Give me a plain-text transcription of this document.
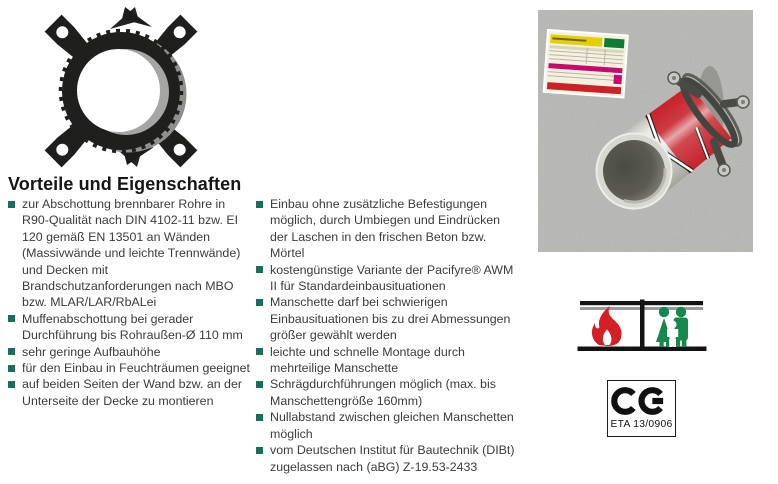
Vorteile und Eigenschaften
zur Abschottung brennbarer Rohre in R90-Qualität nach DIN 4102-11 bzw. EI 120 gemäß EN 13501 an Wänden (Massivwände und leichte Trennwände) und Decken mit Brandschutzanforderungen nach MBO bzw. MLAR/LAR/RbALei
Muffenabschottung bei gerader Durchführung bis Rohraußen-Ø 110 mm
sehr geringe Aufbauhöhe
für den Einbau in Feuchträumen geeignet
auf beiden Seiten der Wand bzw. an der Unterseite der Decke zu montieren
Einbau ohne zusätzliche Befestigungen möglich, durch Umbiegen und Eindrücken der Laschen in den frischen Beton bzw. Mörtel
kostengünstige Variante der Pacifyre® AWM II für Standardeinbausituationen
Manschette darf bei schwierigen Einbausituationen bis zu drei Abmessungen größer gewählt werden
leichte und schnelle Montage durch mehrteilige Manschette
Schrägdurchführungen möglich (max. bis Manschettengröße 160mm)
Nullabstand zwischen gleichen Manschetten möglich
vom Deutschen Institut für Bautechnik (DIBt) zugelassen nach (aBG) Z-19.53-2433
ETA 13/0906
